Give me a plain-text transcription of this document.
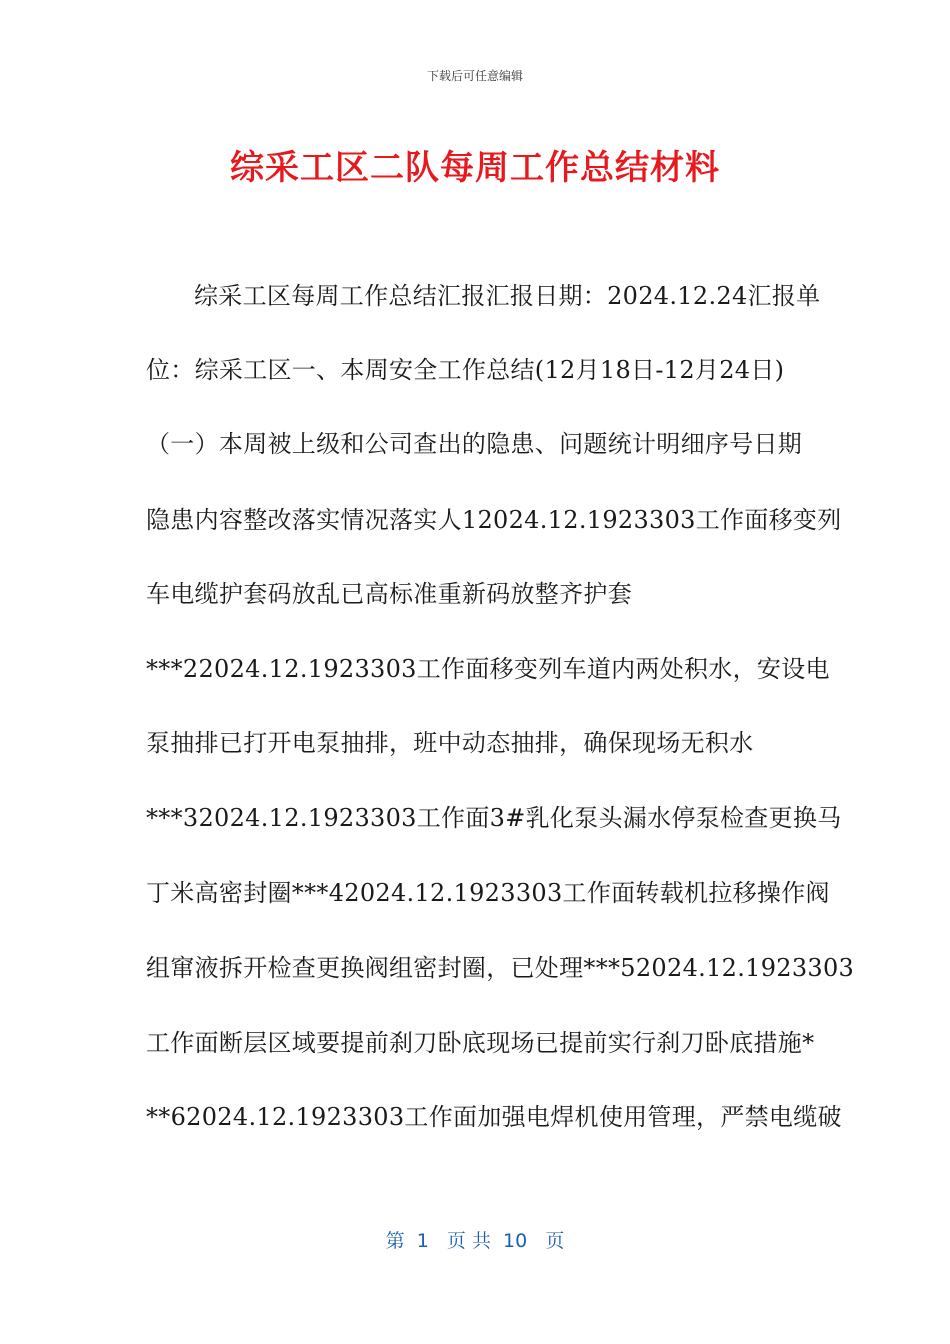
下载后可任意编辑
综采工区二队每周工作总结材料
综采工区每周工作总结汇报汇报日期：2024.12.24汇报单
位：综采工区一、本周安全工作总结(12月18日-12月24日)
（一）本周被上级和公司查出的隐患、问题统计明细序号日期
隐患内容整改落实情况落实人12024.12.1923303工作面移变列
车电缆护套码放乱已高标准重新码放整齐护套
***22024.12.1923303工作面移变列车道内两处积水，安设电
泵抽排已打开电泵抽排，班中动态抽排，确保现场无积水
***32024.12.1923303工作面3#乳化泵头漏水停泵检查更换马
丁米高密封圈***42024.12.1923303工作面转载机拉移操作阀
组窜液拆开检查更换阀组密封圈，已处理***52024.12.1923303
工作面断层区域要提前刹刀卧底现场已提前实行刹刀卧底措施*
**62024.12.1923303工作面加强电焊机使用管理，严禁电缆破
第  1   页 共  10   页
